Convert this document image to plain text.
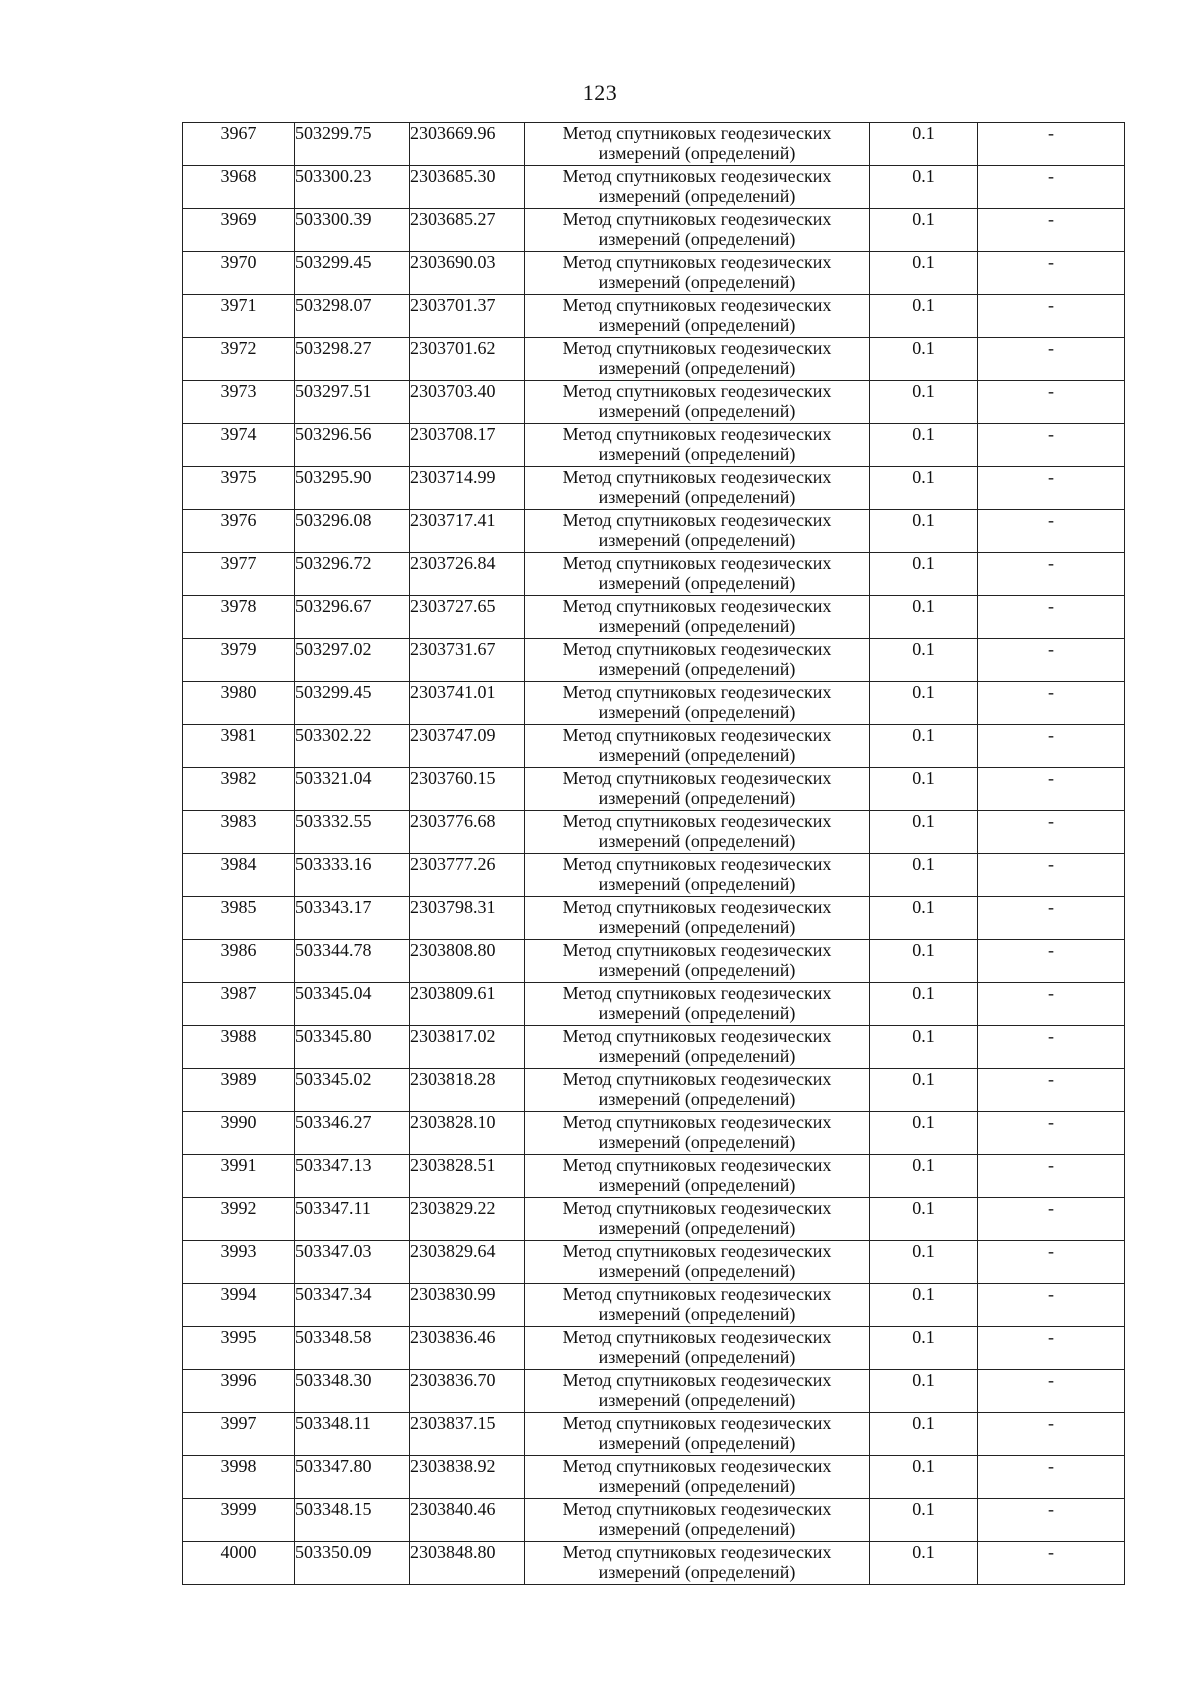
123
3967	503299.75	2303669.96	Метод спутниковых геодезических
измерений (определений)	0.1	-
3968	503300.23	2303685.30	Метод спутниковых геодезических
измерений (определений)	0.1	-
3969	503300.39	2303685.27	Метод спутниковых геодезических
измерений (определений)	0.1	-
3970	503299.45	2303690.03	Метод спутниковых геодезических
измерений (определений)	0.1	-
3971	503298.07	2303701.37	Метод спутниковых геодезических
измерений (определений)	0.1	-
3972	503298.27	2303701.62	Метод спутниковых геодезических
измерений (определений)	0.1	-
3973	503297.51	2303703.40	Метод спутниковых геодезических
измерений (определений)	0.1	-
3974	503296.56	2303708.17	Метод спутниковых геодезических
измерений (определений)	0.1	-
3975	503295.90	2303714.99	Метод спутниковых геодезических
измерений (определений)	0.1	-
3976	503296.08	2303717.41	Метод спутниковых геодезических
измерений (определений)	0.1	-
3977	503296.72	2303726.84	Метод спутниковых геодезических
измерений (определений)	0.1	-
3978	503296.67	2303727.65	Метод спутниковых геодезических
измерений (определений)	0.1	-
3979	503297.02	2303731.67	Метод спутниковых геодезических
измерений (определений)	0.1	-
3980	503299.45	2303741.01	Метод спутниковых геодезических
измерений (определений)	0.1	-
3981	503302.22	2303747.09	Метод спутниковых геодезических
измерений (определений)	0.1	-
3982	503321.04	2303760.15	Метод спутниковых геодезических
измерений (определений)	0.1	-
3983	503332.55	2303776.68	Метод спутниковых геодезических
измерений (определений)	0.1	-
3984	503333.16	2303777.26	Метод спутниковых геодезических
измерений (определений)	0.1	-
3985	503343.17	2303798.31	Метод спутниковых геодезических
измерений (определений)	0.1	-
3986	503344.78	2303808.80	Метод спутниковых геодезических
измерений (определений)	0.1	-
3987	503345.04	2303809.61	Метод спутниковых геодезических
измерений (определений)	0.1	-
3988	503345.80	2303817.02	Метод спутниковых геодезических
измерений (определений)	0.1	-
3989	503345.02	2303818.28	Метод спутниковых геодезических
измерений (определений)	0.1	-
3990	503346.27	2303828.10	Метод спутниковых геодезических
измерений (определений)	0.1	-
3991	503347.13	2303828.51	Метод спутниковых геодезических
измерений (определений)	0.1	-
3992	503347.11	2303829.22	Метод спутниковых геодезических
измерений (определений)	0.1	-
3993	503347.03	2303829.64	Метод спутниковых геодезических
измерений (определений)	0.1	-
3994	503347.34	2303830.99	Метод спутниковых геодезических
измерений (определений)	0.1	-
3995	503348.58	2303836.46	Метод спутниковых геодезических
измерений (определений)	0.1	-
3996	503348.30	2303836.70	Метод спутниковых геодезических
измерений (определений)	0.1	-
3997	503348.11	2303837.15	Метод спутниковых геодезических
измерений (определений)	0.1	-
3998	503347.80	2303838.92	Метод спутниковых геодезических
измерений (определений)	0.1	-
3999	503348.15	2303840.46	Метод спутниковых геодезических
измерений (определений)	0.1	-
4000	503350.09	2303848.80	Метод спутниковых геодезических
измерений (определений)	0.1	-
